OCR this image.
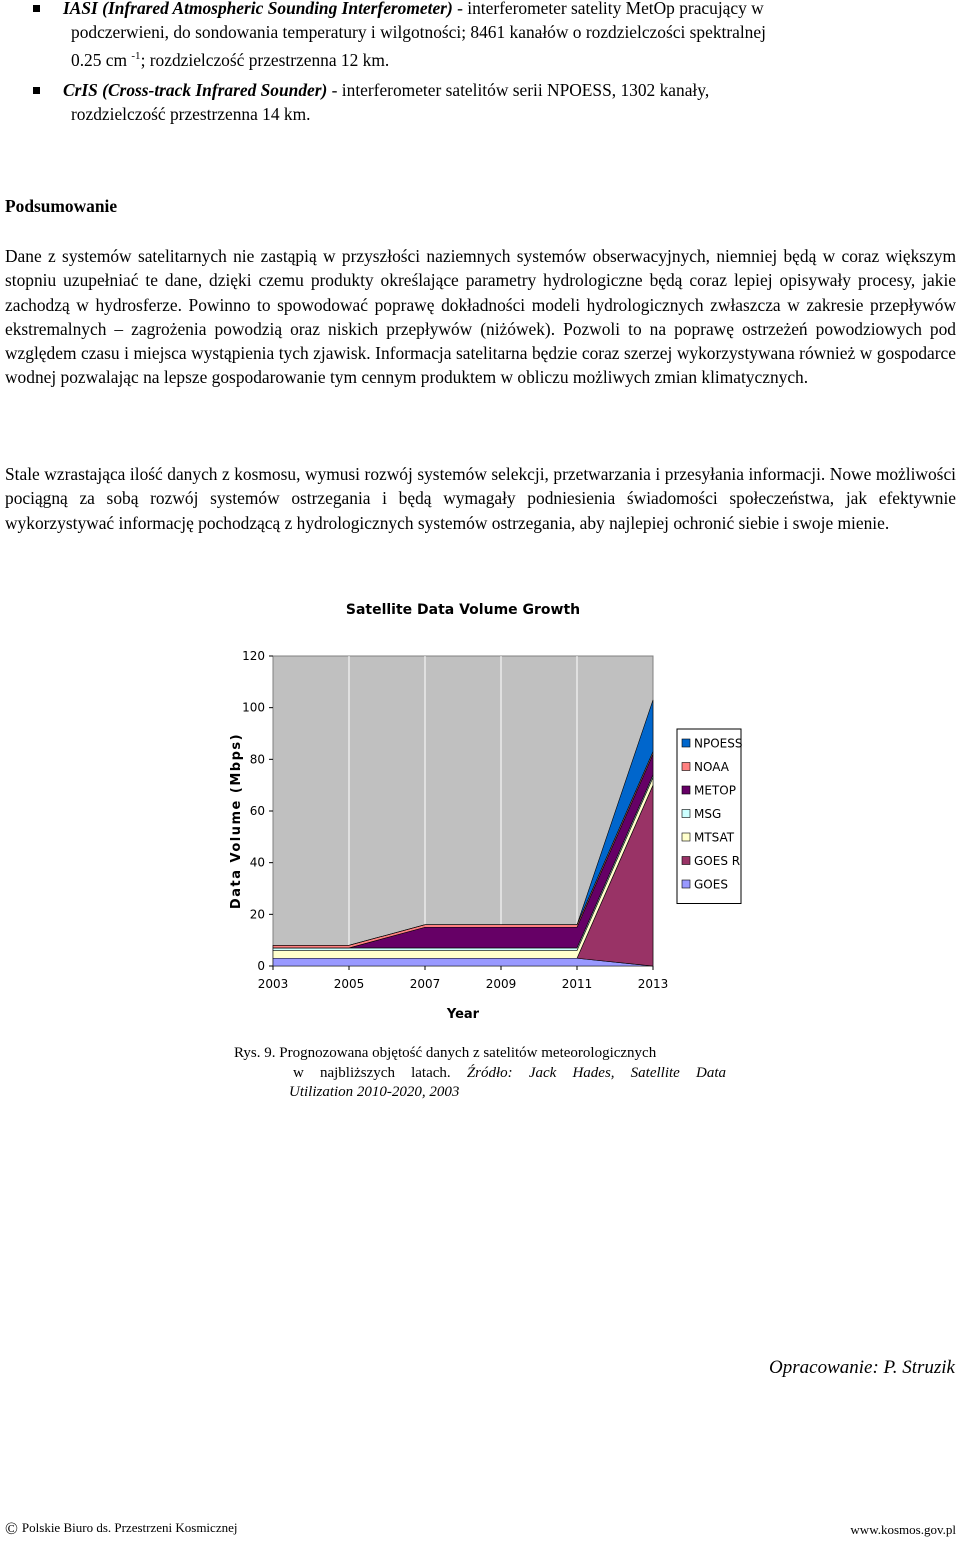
IASI (Infrared Atmospheric Sounding Interferometer) - interferometer satelity MetOp pracujący w
podczerwieni, do sondowania temperatury i wilgotności; 8461 kanałów o rozdzielczości spektralnej
0.25 cm $^{-1}$; rozdzielczość przestrzenna 12 km.
CrIS (Cross-track Infrared Sounder) - interferometer satelitów serii NPOESS, 1302 kanały,
rozdzielczość przestrzenna 14 km.
Podsumowanie

Dane z systemów satelitarnych nie zastąpią w przyszłości naziemnych systemów obserwacyjnych, niemniej będą w coraz większym stopniu uzupełniać te dane, dzięki czemu produkty określające parametry hydrologiczne będą coraz lepiej opisywały procesy, jakie zachodzą w hydrosferze. Powinno to spowodować poprawę dokładności modeli hydrologicznych zwłaszcza w zakresie przepływów ekstremalnych – zagrożenia powodzią oraz niskich przepływów (niżówek). Pozwoli to na poprawę ostrzeżeń powodziowych pod względem czasu i miejsca wystąpienia tych zjawisk. Informacja satelitarna będzie coraz szerzej wykorzystywana również w gospodarce wodnej pozwalając na lepsze gospodarowanie tym cennym produktem w obliczu możliwych zmian klimatycznych.

Stale wzrastająca ilość danych z kosmosu, wymusi rozwój systemów selekcji, przetwarzania i przesyłania informacji. Nowe możliwości pociągną za sobą rozwój systemów ostrzegania i będą wymagały podniesienia świadomości społeczeństwa, jak efektywnie wykorzystywać informację pochodzącą z hydrologicznych systemów ostrzegania, aby najlepiej ochronić siebie i swoje mienie.

Satellite Data Volume Growth
0
20
40
60
80
100
120
2003	2005	2007	2009	2011	2013
Year
Data Volume (Mbps)	NPOESS
NOAA
METOP
MSG
MTSAT
GOES R
GOES
Rys. 9. Prognozowana objętość danych z satelitów meteorologicznych
w najbliższych latach. Źródło: Jack Hades, Satellite Data
Utilization 2010-2020, 2003
Opracowanie: P. Struzik
© Polskie Biuro ds. Przestrzeni Kosmicznej	www.kosmos.gov.pl
